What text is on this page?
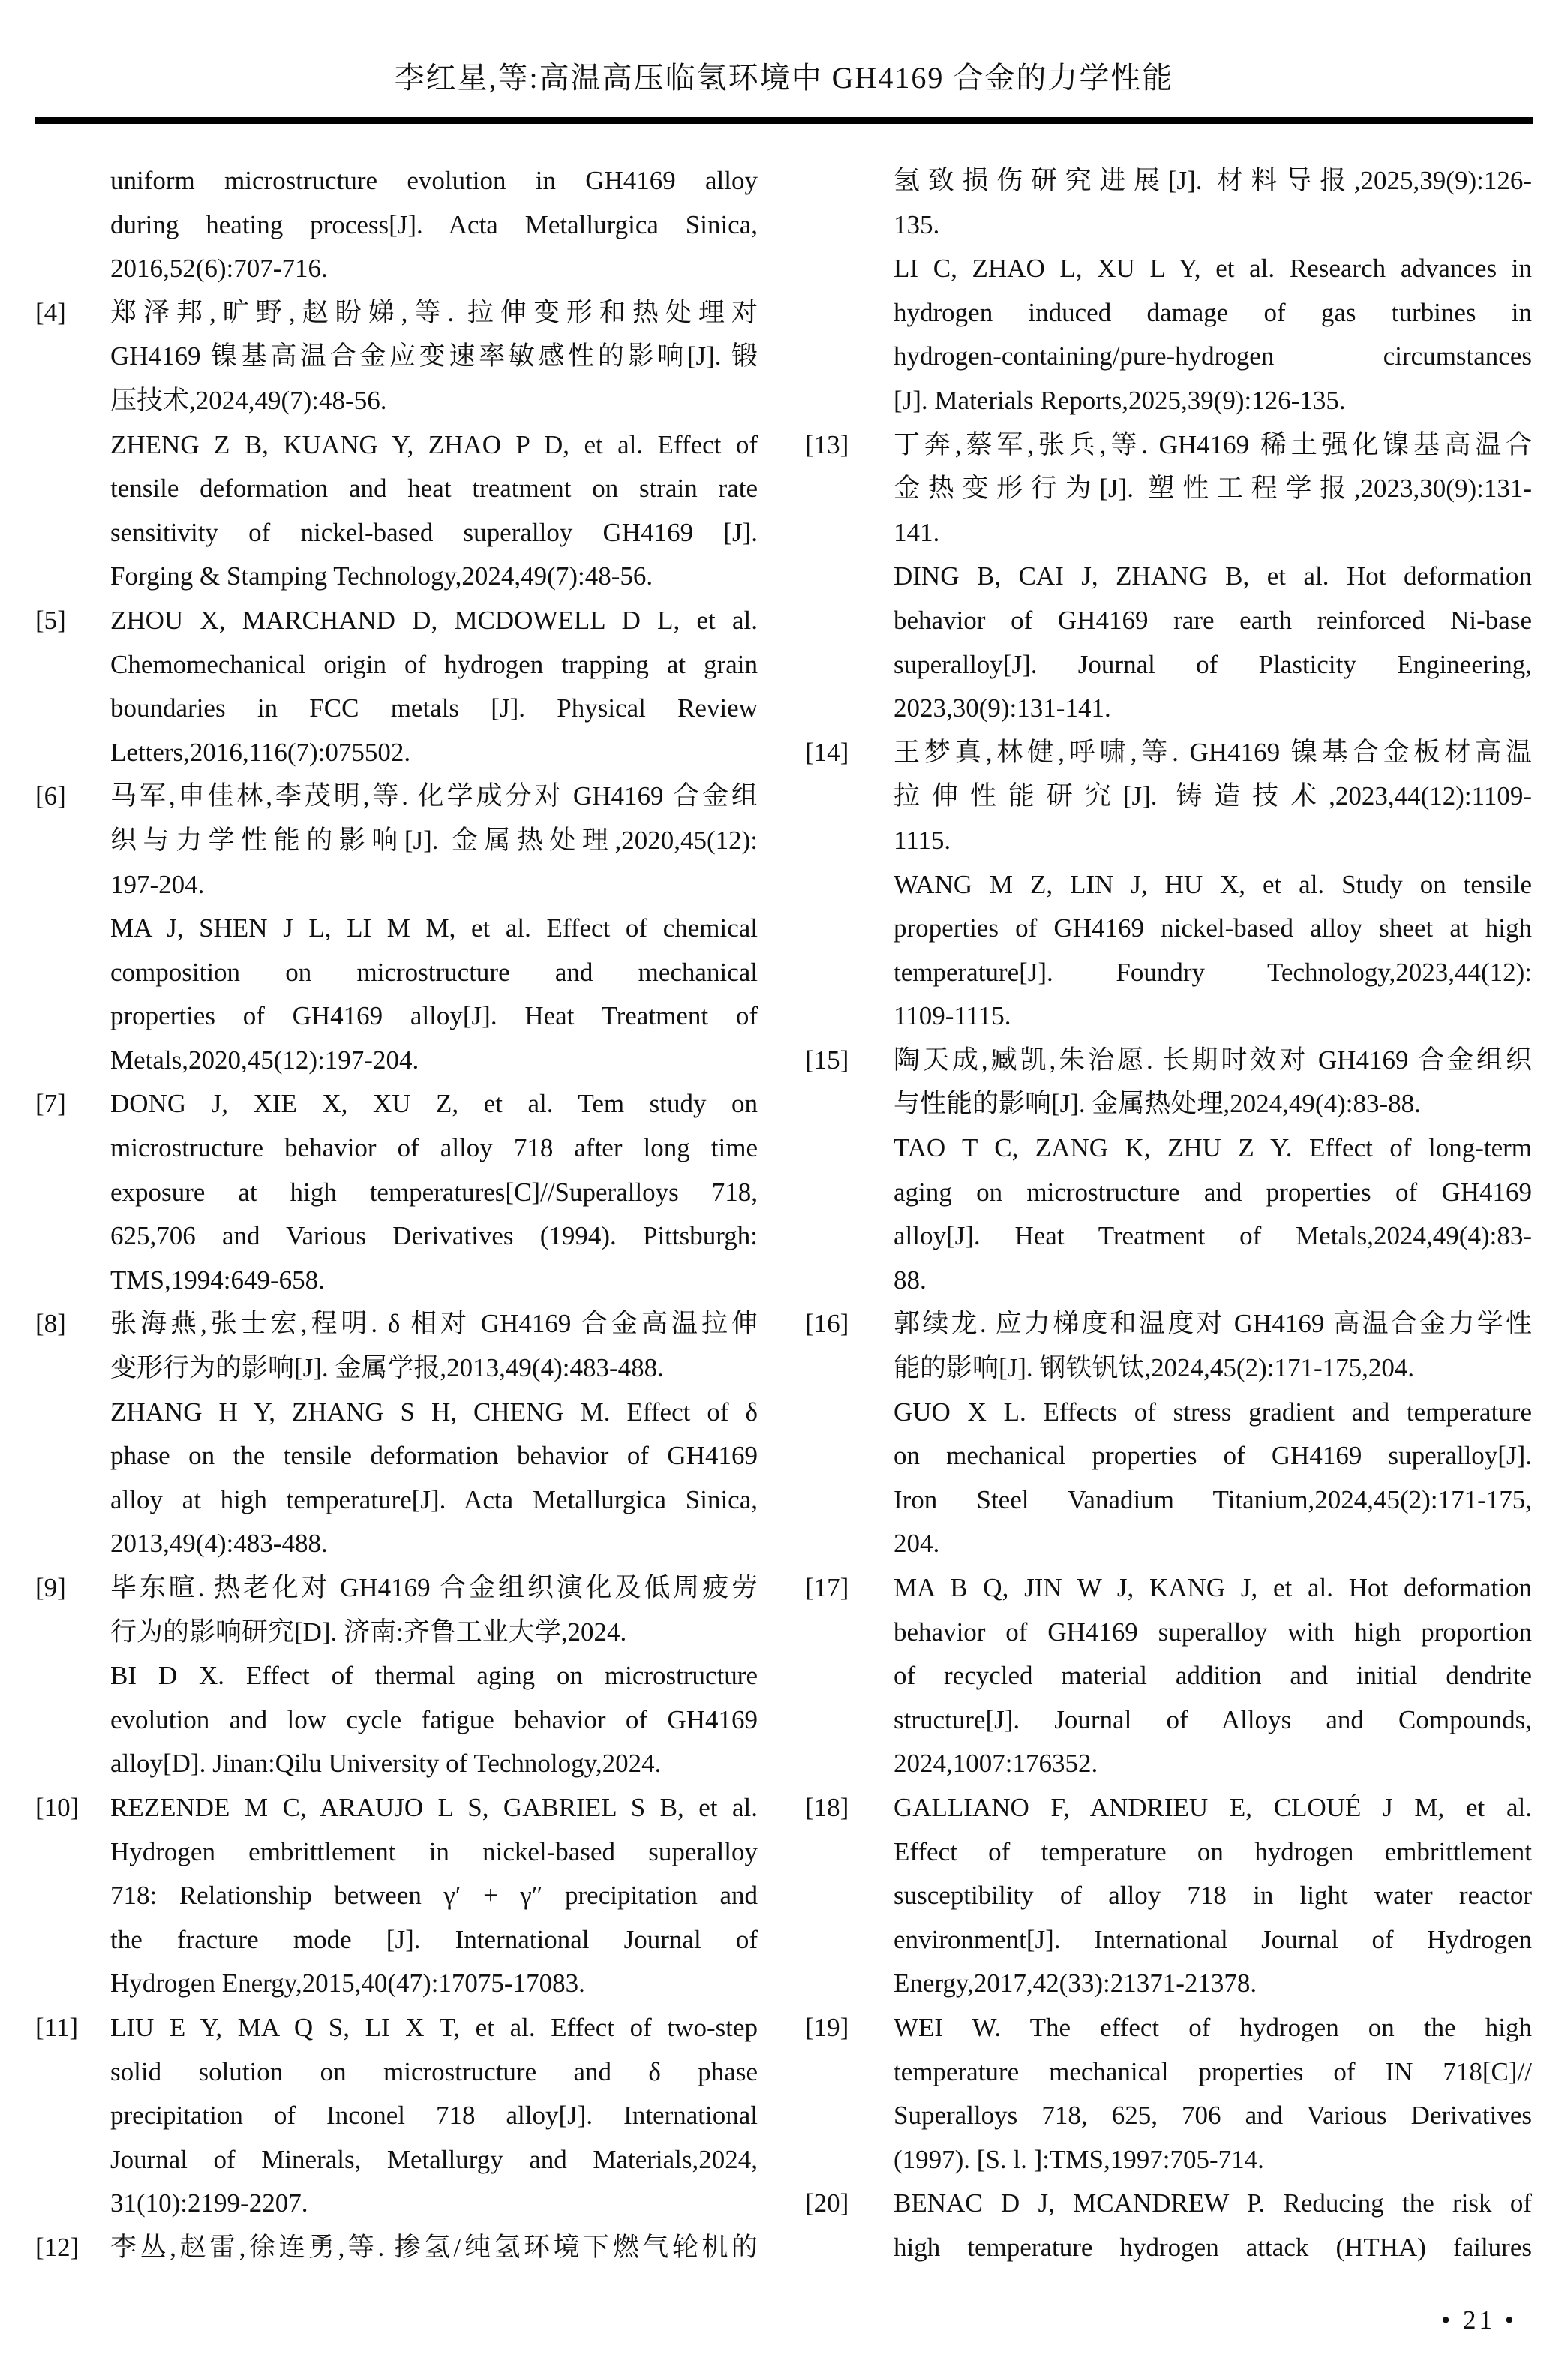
李红星,等:高温高压临氢环境中 GH4169 合金的力学性能
uniform microstructure evolution in GH4169 alloy
during heating process[J]. Acta Metallurgica Sinica,
2016,52(6):707-716.
[4] 郑泽邦,旷野,赵盼娣,等. 拉伸变形和热处理对
GH4169 镍基高温合金应变速率敏感性的影响[J]. 锻
压技术,2024,49(7):48-56.
ZHENG Z B, KUANG Y, ZHAO P D, et al. Effect of
tensile deformation and heat treatment on strain rate
sensitivity of nickel-based superalloy GH4169 [J].
Forging & Stamping Technology,2024,49(7):48-56.
[5] ZHOU X, MARCHAND D, MCDOWELL D L, et al.
Chemomechanical origin of hydrogen trapping at grain
boundaries in FCC metals [J]. Physical Review
Letters,2016,116(7):075502.
[6] 马军,申佳林,李茂明,等. 化学成分对 GH4169 合金组
织与力学性能的影响[J]. 金属热处理,2020,45(12):
197-204.
MA J, SHEN J L, LI M M, et al. Effect of chemical
composition on microstructure and mechanical
properties of GH4169 alloy[J]. Heat Treatment of
Metals,2020,45(12):197-204.
[7] DONG J, XIE X, XU Z, et al. Tem study on
microstructure behavior of alloy 718 after long time
exposure at high temperatures[C]//Superalloys 718,
625,706 and Various Derivatives (1994). Pittsburgh:
TMS,1994:649-658.
[8] 张海燕,张士宏,程明. δ 相对 GH4169 合金高温拉伸
变形行为的影响[J]. 金属学报,2013,49(4):483-488.
ZHANG H Y, ZHANG S H, CHENG M. Effect of δ
phase on the tensile deformation behavior of GH4169
alloy at high temperature[J]. Acta Metallurgica Sinica,
2013,49(4):483-488.
[9] 毕东暄. 热老化对 GH4169 合金组织演化及低周疲劳
行为的影响研究[D]. 济南:齐鲁工业大学,2024.
BI D X. Effect of thermal aging on microstructure
evolution and low cycle fatigue behavior of GH4169
alloy[D]. Jinan:Qilu University of Technology,2024.
[10] REZENDE M C, ARAUJO L S, GABRIEL S B, et al.
Hydrogen embrittlement in nickel-based superalloy
718: Relationship between γ′ + γ″ precipitation and
the fracture mode [J]. International Journal of
Hydrogen Energy,2015,40(47):17075-17083.
[11] LIU E Y, MA Q S, LI X T, et al. Effect of two-step
solid solution on microstructure and δ phase
precipitation of Inconel 718 alloy[J]. International
Journal of Minerals, Metallurgy and Materials,2024,
31(10):2199-2207.
[12] 李丛,赵雷,徐连勇,等. 掺氢/纯氢环境下燃气轮机的
氢致损伤研究进展[J]. 材料导报,2025,39(9):126-
135.
LI C, ZHAO L, XU L Y, et al. Research advances in
hydrogen induced damage of gas turbines in
hydrogen-containing/pure-hydrogen circumstances
[J]. Materials Reports,2025,39(9):126-135.
[13] 丁奔,蔡军,张兵,等. GH4169 稀土强化镍基高温合
金热变形行为[J]. 塑性工程学报,2023,30(9):131-
141.
DING B, CAI J, ZHANG B, et al. Hot deformation
behavior of GH4169 rare earth reinforced Ni-base
superalloy[J]. Journal of Plasticity Engineering,
2023,30(9):131-141.
[14] 王梦真,林健,呼啸,等. GH4169 镍基合金板材高温
拉伸性能研究[J]. 铸造技术,2023,44(12):1109-
1115.
WANG M Z, LIN J, HU X, et al. Study on tensile
properties of GH4169 nickel-based alloy sheet at high
temperature[J]. Foundry Technology,2023,44(12):
1109-1115.
[15] 陶天成,臧凯,朱治愿. 长期时效对 GH4169 合金组织
与性能的影响[J]. 金属热处理,2024,49(4):83-88.
TAO T C, ZANG K, ZHU Z Y. Effect of long-term
aging on microstructure and properties of GH4169
alloy[J]. Heat Treatment of Metals,2024,49(4):83-
88.
[16] 郭续龙. 应力梯度和温度对 GH4169 高温合金力学性
能的影响[J]. 钢铁钒钛,2024,45(2):171-175,204.
GUO X L. Effects of stress gradient and temperature
on mechanical properties of GH4169 superalloy[J].
Iron Steel Vanadium Titanium,2024,45(2):171-175,
204.
[17] MA B Q, JIN W J, KANG J, et al. Hot deformation
behavior of GH4169 superalloy with high proportion
of recycled material addition and initial dendrite
structure[J]. Journal of Alloys and Compounds,
2024,1007:176352.
[18] GALLIANO F, ANDRIEU E, CLOUÉ J M, et al.
Effect of temperature on hydrogen embrittlement
susceptibility of alloy 718 in light water reactor
environment[J]. International Journal of Hydrogen
Energy,2017,42(33):21371-21378.
[19] WEI W. The effect of hydrogen on the high
temperature mechanical properties of IN 718[C]//
Superalloys 718, 625, 706 and Various Derivatives
(1997). [S. l. ]:TMS,1997:705-714.
[20] BENAC D J, MCANDREW P. Reducing the risk of
high temperature hydrogen attack (HTHA) failures
• 21 •
